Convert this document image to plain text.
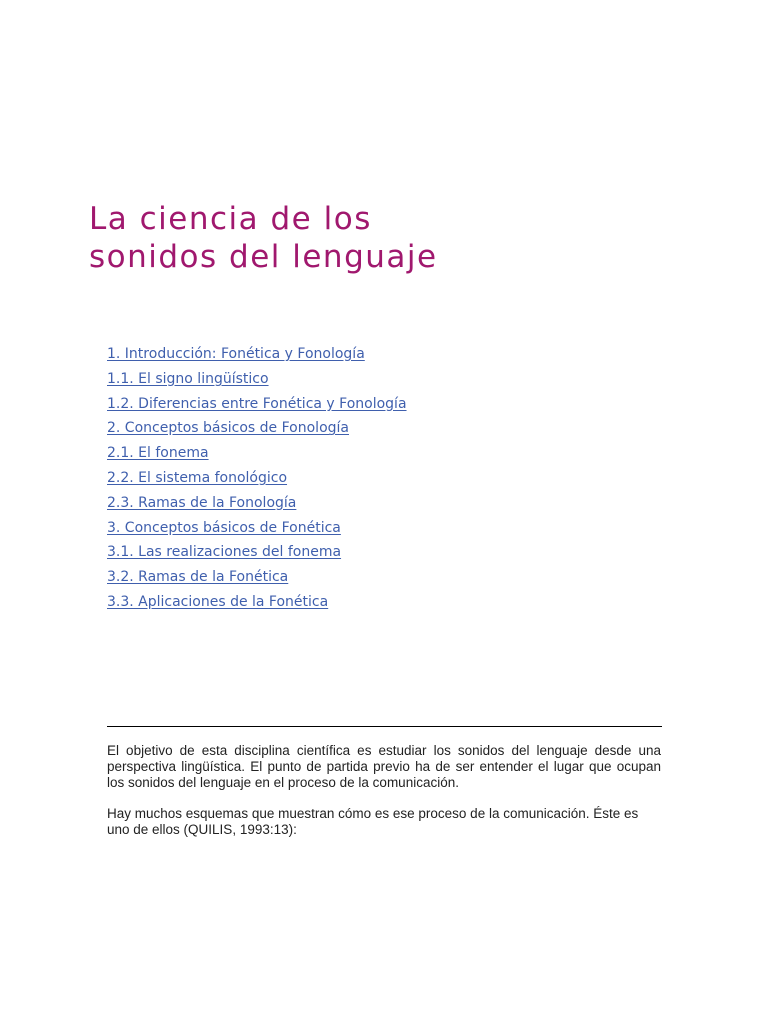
La ciencia de los
sonidos del lenguaje
1. Introducción: Fonética y Fonología
1.1. El signo lingüístico
1.2. Diferencias entre Fonética y Fonología
2. Conceptos básicos de Fonología
2.1. El fonema
2.2. El sistema fonológico
2.3. Ramas de la Fonología
3. Conceptos básicos de Fonética
3.1. Las realizaciones del fonema
3.2. Ramas de la Fonética
3.3. Aplicaciones de la Fonética

El objetivo de esta disciplina científica es estudiar los sonidos del lenguaje desde una perspectiva lingüística. El punto de partida previo ha de ser entender el lugar que ocupan los sonidos del lenguaje en el proceso de la comunicación.

Hay muchos esquemas que muestran cómo es ese proceso de la comunicación. Éste es uno de ellos (QUILIS, 1993:13):
